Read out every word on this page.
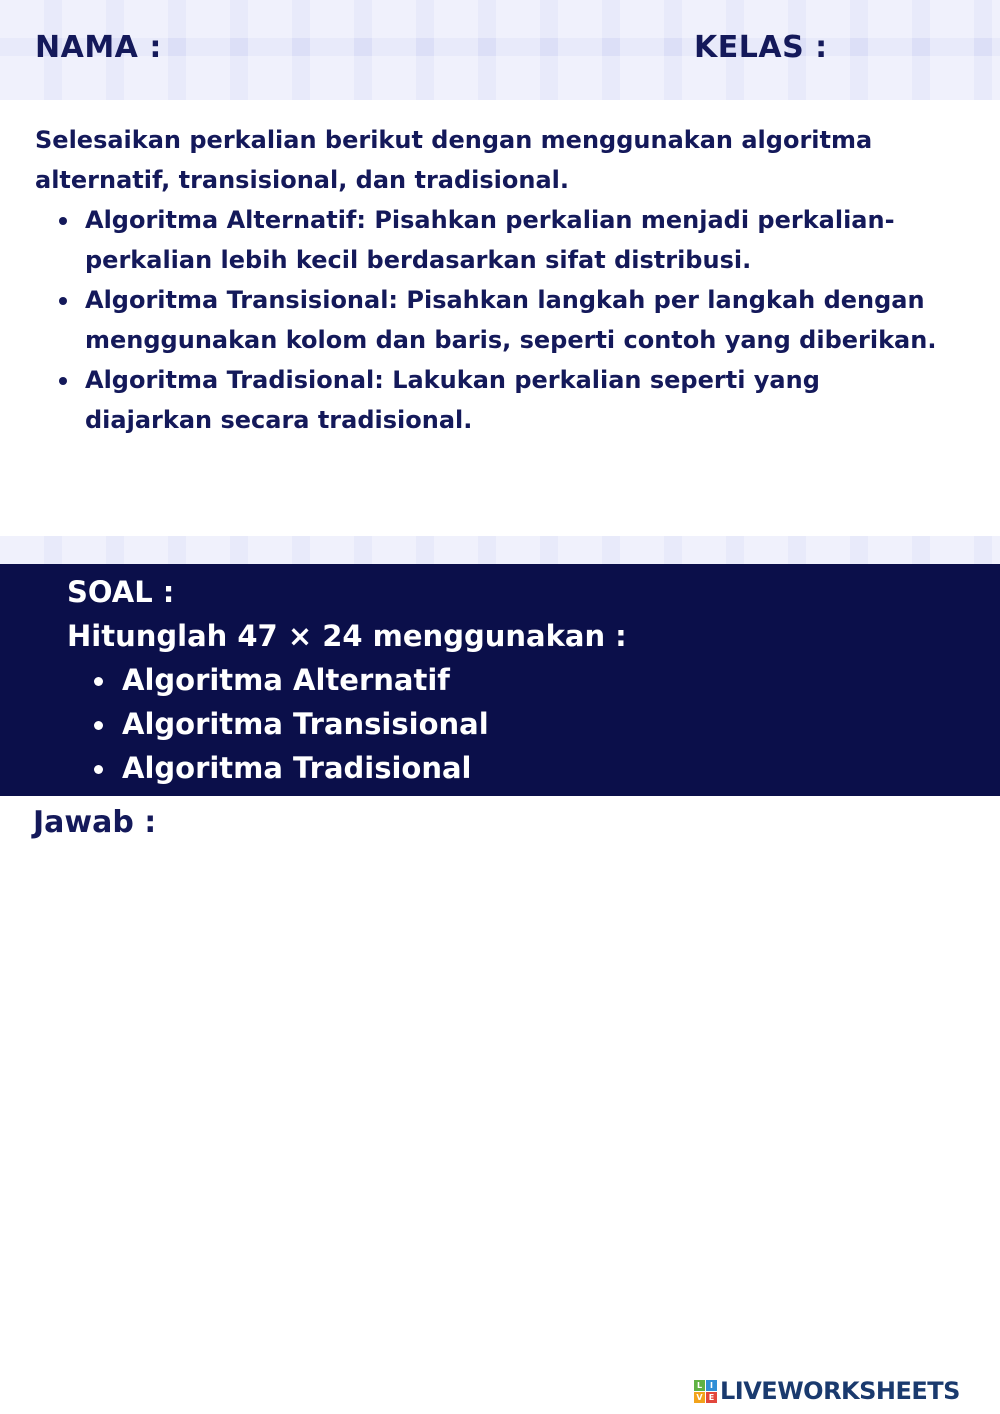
NAMA :	KELAS :

Selesaikan perkalian berikut dengan menggunakan algoritma alternatif, transisional, dan tradisional.

Algoritma Alternatif: Pisahkan perkalian menjadi perkalian-perkalian lebih kecil berdasarkan sifat distribusi.
Algoritma Transisional: Pisahkan langkah per langkah dengan menggunakan kolom dan baris, seperti contoh yang diberikan.
Algoritma Tradisional: Lakukan perkalian seperti yang diajarkan secara tradisional.
SOAL :
Hitunglah 47 × 24 menggunakan :
Algoritma Alternatif
Algoritma Transisional
Algoritma Tradisional
Jawab :
L I
V E LIVEWORKSHEETS
